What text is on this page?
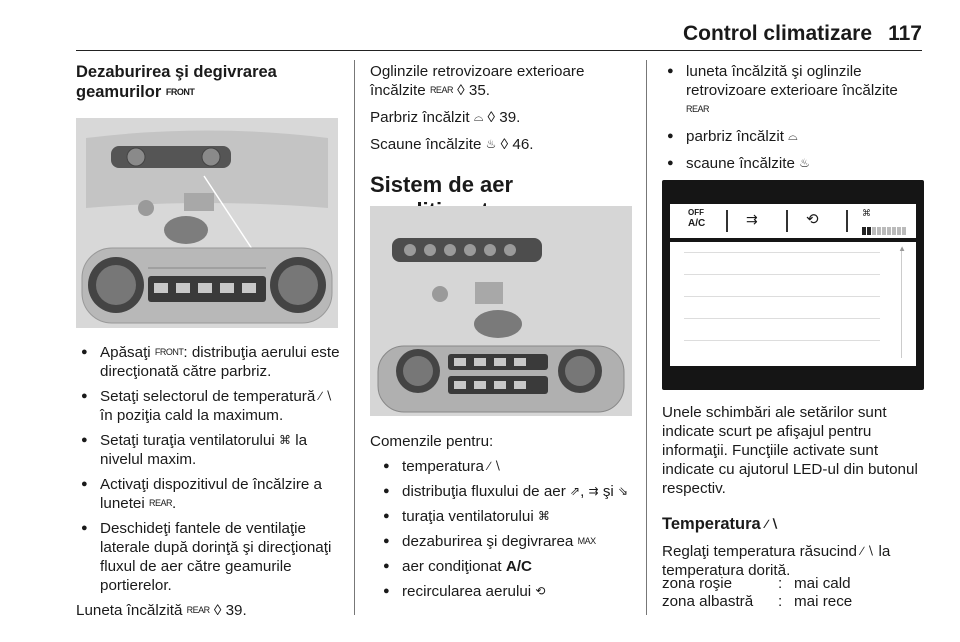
Control climatizare 117

Dezaburirea şi degivrarea geamurilor FRONT

● Apăsaţi FRONT: distribuţia aerului este direcţionată către parbriz.
● Setaţi selectorul de temperatură ∕ ∖ în poziţia cald la maximum.
● Setaţi turaţia ventilatorului ⌘ la nivelul maxim.
● Activaţi dispozitivul de încălzire a lunetei REAR.
● Deschideţi fantele de ventilaţie laterale după dorinţă şi direcţionaţi fluxul de aer către geamurile portierelor.

Luneta încălzită REAR ◊ 39.

Oglinzile retrovizoare exterioare încălzite REAR ◊ 35.

Parbriz încălzit ⌓ ◊ 39.

Scaune încălzite ♨ ◊ 46.

Sistem de aer

Comenzile pentru:

● temperatura ∕ ∖
● distribuţia fluxului de aer ⇗, ⇉ şi ⇘
● turaţia ventilatorului ⌘
● dezaburirea şi degivrarea MAX
● aer condiţionat A/C
● recircularea aerului ⟲
● luneta încălzită şi oglinzile retrovizoare exterioare încălzite
REAR
● parbriz încălzit ⌓
● scaune încălzite ♨
OFF
A/C	⇉	⟲	⌘
▲

Unele schimbări ale setărilor sunt indicate scurt pe afişajul pentru informaţii. Funcţiile activate sunt indicate cu ajutorul LED-ul din butonul respectiv.

Temperatura ∕ ∖

Reglaţi temperatura răsucind ∕ ∖ la temperatura dorită.

zona roşie	: mai cald
zona albastră : mai rece
